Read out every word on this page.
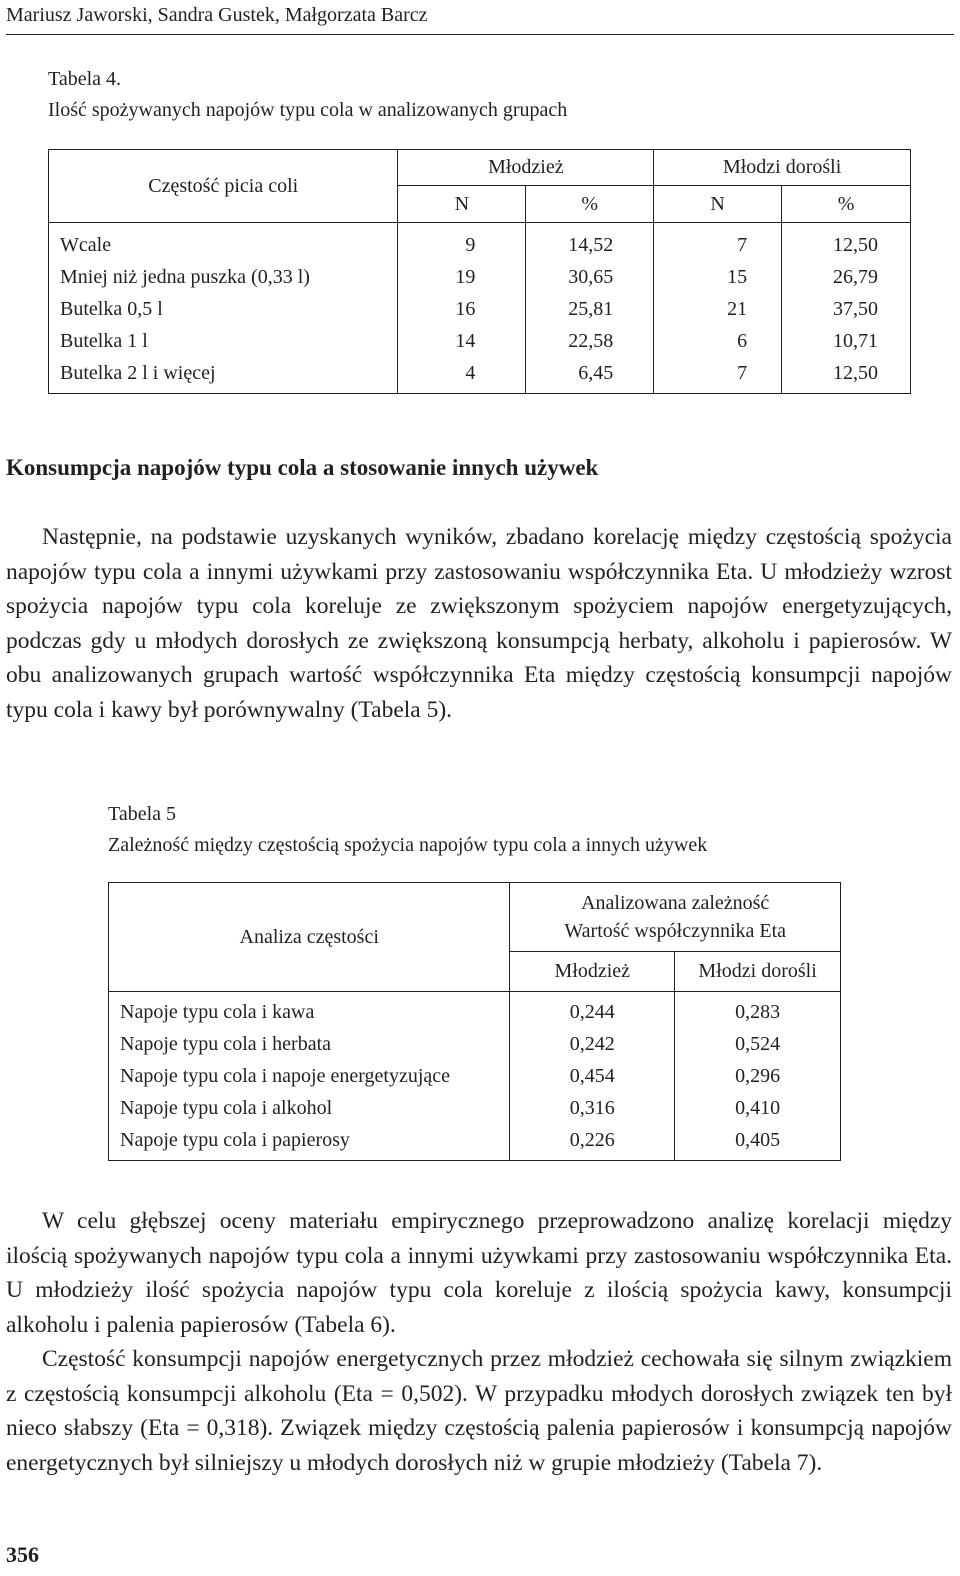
Mariusz Jaworski, Sandra Gustek, Małgorzata Barcz
Tabela 4.
Ilość spożywanych napojów typu cola w analizowanych grupach
Częstość picia coli	Młodzież		Młodzi dorośli	
	N	%	N	%
Wcale	9	14,52	7	12,50
Mniej niż jedna puszka (0,33 l)	19	30,65	15	26,79
Butelka 0,5 l	16	25,81	21	37,50
Butelka 1 l	14	22,58	6	10,71
Butelka 2 l i więcej	4	6,45	7	12,50
Konsumpcja napojów typu cola a stosowanie innych używek

Następnie, na podstawie uzyskanych wyników, zbadano korelację między częstością spożycia napojów typu cola a innymi używkami przy zastosowaniu współczynnika Eta. U młodzieży wzrost spożycia napojów typu cola koreluje ze zwiększonym spożyciem napojów energetyzujących, podczas gdy u młodych dorosłych ze zwiększoną konsumpcją herbaty, alkoholu i papierosów. W obu analizowanych grupach wartość współczynnika Eta między częstością konsumpcji napojów typu cola i kawy był porównywalny (Tabela 5).

Tabela 5
Zależność między częstością spożycia napojów typu cola a innych używek
Analiza częstości	Analizowana zależność
Wartość współczynnika Eta	

	Młodzież	Młodzi dorośli
Napoje typu cola i kawa	0,244	0,283
Napoje typu cola i herbata	0,242	0,524
Napoje typu cola i napoje energetyzujące	0,454	0,296
Napoje typu cola i alkohol	0,316	0,410
Napoje typu cola i papierosy	0,226	0,405

W celu głębszej oceny materiału empirycznego przeprowadzono analizę korelacji między ilością spożywanych napojów typu cola a innymi używkami przy zastosowaniu współczynnika Eta. U młodzieży ilość spożycia napojów typu cola koreluje z ilością spożycia kawy, konsumpcji alkoholu i palenia papierosów (Tabela 6).

Częstość konsumpcji napojów energetycznych przez młodzież cechowała się silnym związkiem z częstością konsumpcji alkoholu (Eta = 0,502). W przypadku młodych dorosłych związek ten był nieco słabszy (Eta = 0,318). Związek między częstością palenia papierosów i konsumpcją napojów energetycznych był silniejszy u młodych dorosłych niż w grupie młodzieży (Tabela 7).

356
